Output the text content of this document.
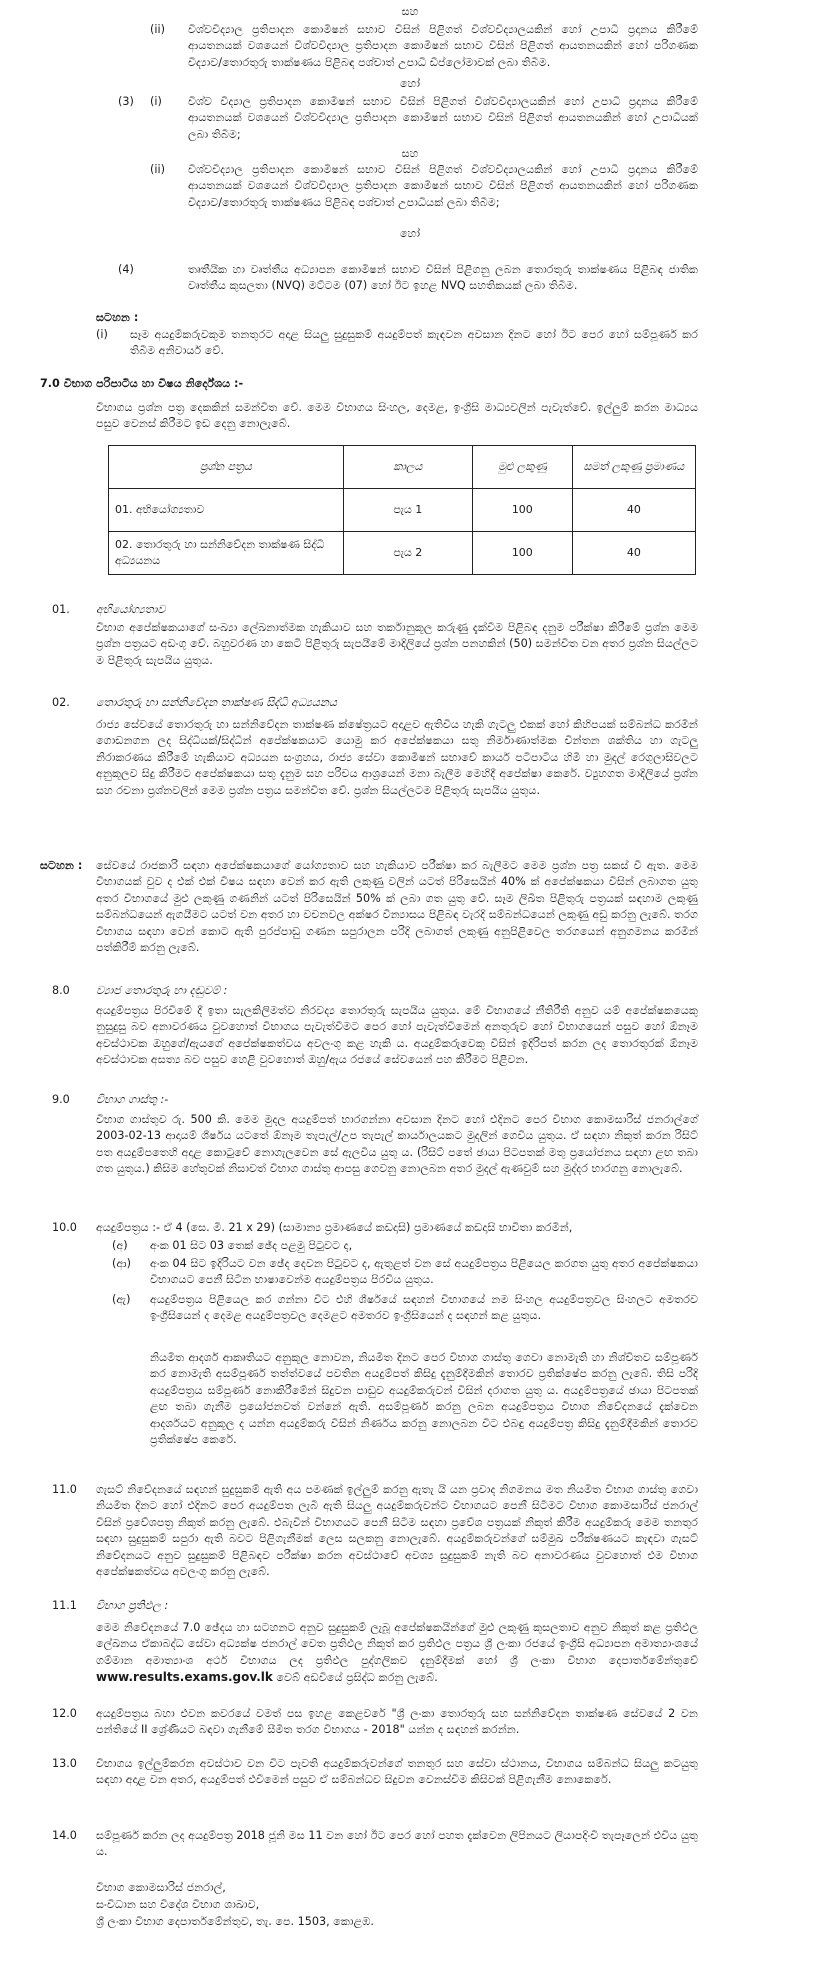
සහ
(ii) විශ්වවිද්‍යාල ප්‍රතිපාදන කොමිෂන් සභාව විසින් පිළිගත් විශ්වවිද්‍යාලයකින් හෝ උපාධි ප්‍රදානය කිරීමේ ආයතනයක් වශයෙන් විශ්වවිද්‍යාල ප්‍රතිපාදන කොමිෂන් සභාව විසින් පිළිගත් ආයතනයකින් හෝ පරිගණක විද්‍යාව/තොරතුරු තාක්ෂණය පිළිබඳ පශ්චාත් උපාධි ඩිප්ලෝමාවක් ලබා තිබීම.

හෝ
(3) (i) විශ්ව විද්‍යාල ප්‍රතිපාදන කොමිෂන් සභාව විසින් පිළිගත් විශ්වවිද්‍යාලයකින් හෝ උපාධි ප්‍රදානය කිරීමේ ආයතනයක් වශයෙන් විශ්වවිද්‍යාල ප්‍රතිපාදන කොමිෂන් සභාව විසින් පිළිගත් ආයතනයකින් හෝ උපාධියක් ලබා තිබීම;

සහ
(ii) විශ්වවිද්‍යාල ප්‍රතිපාදන කොමිෂන් සභාව විසින් පිළිගත් විශ්වවිද්‍යාලයකින් හෝ උපාධි ප්‍රදානය කිරීමේ ආයතනයක් වශයෙන් විශ්වවිද්‍යාල ප්‍රතිපාදන කොමිෂන් සභාව විසින් පිළිගත් ආයතනයකින් හෝ පරිගණක විද්‍යාව/තොරතුරු තාක්ෂණය පිළිබඳ පශ්චාත් උපාධියක් ලබා තිබීම;

හෝ
(4)	තෘතීයික හා වෘත්තීය අධ්‍යාපන කොමිෂන් සභාව විසින් පිළිගනු ලබන තොරතුරු තාක්ෂණය පිළිබඳ ජාතික වෘත්තීය කුසලතා (NVQ) මට්ටම (07) හෝ ඊට ඉහළ NVQ සහතිකයක් ලබා තිබීම.

සටහන :
(i) සෑම අයදුම්කරුවකුම තනතුරට අදාළ සියලු සුදුසුකම් අයදුම්පත් කැඳවන අවසාන දිනට හෝ ඊට පෙර හෝ සම්පූර්ණ කර තිබීම අනිවාර්ය වේ.

7.0 විභාග පරිපාටිය හා විෂය නිර්දේශය :-

විභාගය ප්‍රශ්න පත්‍ර දෙකකින් සමන්විත වේ. මෙම විභාගය සිංහල, දෙමළ, ඉංග්‍රීසි මාධ්‍යවලින් පැවැත්වේ. ඉල්ලුම් කරන මාධ්‍යය පසුව වෙනස් කිරීමට ඉඩ දෙනු නොලැබේ.

ප්‍රශ්න පත්‍රය	කාලය	මුළු ලකුණු	සමත් ලකුණු ප්‍රමාණය
01. අභියෝග්‍යතාව	පැය 1	100	40
02. තොරතුරු හා සන්නිවේදන තාක්ෂණ සිද්ධි අධ්‍යයනය	පැය 2	100	40
01. අභියෝග්‍යතාව

විභාග අපේක්ෂකයාගේ සංඛ්‍යා ලේඛනාත්මක හැකියාව සහ තර්කානුකූල කරුණු දැක්වීම පිළිබඳ දනුම පරීක්ෂා කිරීමේ ප්‍රශ්න මෙම ප්‍රශ්න පත්‍රයට අඩංගු වේ. බහුවරණ හා කෙටි පිළිතුරු සැපයීමේ මාදිලියේ ප්‍රශ්න පනහකින් (50) සමන්විත වන අතර ප්‍රශ්න සියල්ලට ම පිළිතුරු සැපයිය යුතුය.

02. තොරතුරු හා සන්නිවේදන තාක්ෂණ සිද්ධි අධ්‍යයනය

රාජ්‍ය සේවයේ තොරතුරු හා සන්නිවේදන තාක්ෂණ ක්ෂේත්‍රයට අදාළව ඇතිවිය හැකි ගැටලු එකක් හෝ කිහිපයක් සම්බන්ධ කරමින් ගොඩනගන ලද සිද්ධියක්/සිද්ධීන් අපේක්ෂකයාට යොමු කර අපේක්ෂකයා සතු නිර්මාණාත්මක චින්තන ශක්තිය හා ගැටලු නිරාකරණය කිරීමේ හැකියාව අධ්‍යයන සංග්‍රහය, රාජ්‍ය සේවා කොමිෂන් සභාවේ කාර්ය පටිපාටිය හිමි හා මුදල් රෙගුලාසිවලට අනුකූලව සිදු කිරීමට අපේක්ෂකයා සතු දැනුම සහ පරිචය ආශ්‍රයෙන් මනා බැලීම මෙහිදී අපේක්ෂා කෙරේ. ව්‍යුහගත මාදිලියේ ප්‍රශ්න සහ රචනා ප්‍රශ්නවලින් මෙම ප්‍රශ්න පත්‍රය සමන්විත වේ. ප්‍රශ්න සියල්ලටම පිළිතුරු සැපයිය යුතුය.

සටහන : සේවයේ රාජකාරි සඳහා අපේක්ෂකයාගේ යෝග්‍යතාව සහ හැකියාව පරීක්ෂා කර බැලීමට මෙම ප්‍රශ්න පත්‍ර සකස් වී ඇත. මෙම විභාගයක් වුව ද එක් එක් විෂය සඳහා වෙන් කර ඇති ලකුණු වලින් යටත් පිරිසෙයින් 40% ක් අපේක්ෂකයා විසින් ලබාගත යුතු අතර විභාගයේ මුළු ලකුණු ගණනින් යටත් පිරිසෙයින් 50% ක් ලබා ගත යුතු වේ. සෑම ලිඛිත පිළිතුරු පත්‍රයක් සඳහාම ලකුණු සම්බන්ධයෙන් ඇගයීමට යටත් වන අතර හා වචනවල අක්ෂර වින්‍යාසය පිළිබඳ වැරදි සම්බන්ධයෙන් ලකුණු අඩු කරනු ලැබේ. තරග විභාගය සඳහා වෙන් කොට ඇති පුරප්පාඩු ගණන සපුරාලන පරිදි ලබාගත් ලකුණු අනුපිළිවෙල තරගයෙන් අනුගමනය කරමින් පත්කිරීම් කරනු ලැබේ.

8.0 ව්‍යාජ තොරතුරු හා දඬුවම් :

අයදුම්පත්‍රය පිරවීමේ දී ඉතා සැලකිලිමත්ව නිරවද්‍ය තොරතුරු සැපයිය යුතුය. මේ විභාගයේ නීතිරීති අනුව යම් අපේක්ෂකයෙකු නුසුදුසු බව අනාවරණය වුවහොත් විභාගය පැවැත්වීමට පෙර හෝ පැවැත්වීමෙන් අනතුරුව හෝ විභාගයෙන් පසුව හෝ ඕනෑම අවස්ථාවක ඔහුගේ/ඇයගේ අපේක්ෂකත්වය අවලංගු කළ හැකි ය. අයදුම්කරුවෙකු විසින් ඉදිරිපත් කරන ලද තොරතුරක් ඕනෑම අවස්ථාවක අසත්‍ය බව පසුව හෙළි වුවහොත් ඔහු/ඇය රජයේ සේවයෙන් පහ කිරීමට පිළිවන.

9.0 විභාග ගාස්තු :-

විභාග ගාස්තුව රු. 500 කි. මෙම මුදල අයදුම්පත් භාරගන්නා අවසාන දිනට හෝ එදිනට පෙර විභාග කොමසාරිස් ජනරාල්ගේ 2003-02-13 ආදායම් ශීර්ෂය යටතේ ඕනෑම තැපැල්/උප තැපැල් කාර්යාලයකට මුදලින් ගෙවිය යුතුය. ඒ සඳහා නිකුත් කරන රිසිට් පත අයදුම්පතෙහි අදාළ කොටුවේ නොගැලවෙන සේ ඇලවිය යුතු ය. (රිසිට් පතේ ඡායා පිටපතක් මතු ප්‍රයෝජනය සඳහා ළඟ තබා ගත යුතුය.) කිසිම හේතුවක් නිසාවත් විභාග ගාස්තු ආපසු ගෙවනු නොලබන අතර මුදල් ඇණවුම් සහ මුද්දර භාරගනු නොලැබේ.

10.0 අයදුම්පත්‍රය :- ඒ 4 (සෙ. මී. 21 x 29) (සාමාන්‍ය ප්‍රමාණයේ කඩදාසි) ප්‍රමාණයේ කඩදාසි භාවිතා කරමින්,

(අ) අංක 01 සිට 03 තෙක් ඡේද පළමු පිටුවට ද,

(ආ) අංක 04 සිට ඉදිරියට වන ඡේද දෙවන පිටුවට ද, ඇතුළත් වන සේ අයදුම්පත්‍රය පිළියෙල කරගත යුතු අතර අපේක්ෂකයා විභාගයට පෙනී සිටින භාෂාවෙන්ම අයදුම්පත්‍රය පිරවිය යුතුය.

(ඇ) අයදුම්පත්‍රය පිළියෙල කර ගන්නා විට එහි ශීර්ෂයේ සඳහන් විභාගයේ නම සිංහල අයදුම්පත්‍රවල සිංහලට අමතරව ඉංග්‍රීසියෙන් ද දෙමළ අයදුම්පත්‍රවල දෙමළට අමතරව ඉංග්‍රීසියෙන් ද සඳහන් කළ යුතුය.

නියමිත ආදර්ශ ආකෘතියට අනුකූල නොවන, නියමිත දිනට පෙර විභාග ගාස්තු ගෙවා නොමැති හා නිශ්චිතව සම්පූර්ණ කර නොමැති අසම්පූර්ණ තත්ත්වයේ පවතින අයදුම්පත් කිසිදු දැනුම්දීමකින් තොරව ප්‍රතික්ෂේප කරනු ලැබේ. තිසි පරිදි අයදුම්පත්‍රය සම්පූර්ණ නොකිරීමේන් සිදුවන පාඩුව අයදුම්කරුවන් විසින් දරාගත යුතු ය. අයදුම්පත්‍රයේ ඡායා පිටපතක් ළඟ තබා ගැනීම ප්‍රයෝජනවත් වන්නේ ඇති. අසම්පූර්ණ කරනු ලබන අයදුම්පත්‍රය විභාග නිවේදනයේ දැක්වෙන ආදර්ශයට අනුකූල ද යන්න අයදුම්කරු විසින් නිර්ණය කරනු නොලබන විට එබඳු අයදුම්පත්‍ර කිසිදු දැනුම්දීමකින් තොරව ප්‍රතික්ෂේප කෙරේ.

11.0 ගැසට් නිවේදනයේ සඳහන් සුදුසුකම් ඇති අය පමණක් ඉල්ලුම් කරනු ඇතැ යි යන ප්‍රවාද නිගමනය මත නියමිත විභාග ගාස්තු ගෙවා නියමිත දිනට හෝ එදිනට පෙර අයදුම්පත ලැබී ඇති සියලු අයදුම්කරුවන්ට විභාගයට පෙනී සිටීමට විභාග කොමසාරිස් ජනරාල් විසින් ප්‍රවේශපත්‍ර නිකුත් කරනු ලැබේ. එබැවින් විභාගයට පෙනී සිටීම සඳහා ප්‍රවේශ පත්‍රයක් නිකුත් කිරීම අයදුම්කරු මෙම තනතුර සඳහා සුදුසුකම් සපුරා ඇති බවට පිළිගැනීමක් ලෙස සලකනු නොලැබේ. අයදුම්කරුවන්ගේ සම්මුඛ පරීක්ෂණයට කැඳවා ගැසට් නිවේදනයට අනුව සුදුසුකම් පිළිබඳව පරීක්ෂා කරන අවස්ථාවේ අවශ්‍ය සුදුසුකම් නැති බව අනාවරණය වුවහොත් එම විභාග අපේක්ෂකත්වය අවලංගු කරනු ලැබේ.

11.1 විභාග ප්‍රතිඵල :

මෙම නිවේදනයේ 7.0 ඡේදය හා සටහනට අනුව සුදුසුකම් ලැබූ අපේක්ෂකයින්ගේ මුළු ලකුණු කුසලතාව අනුව නිකුත් කළ ප්‍රතිඵල ලේඛනය ඒකාබද්ධ සේවා අධ්‍යක්ෂ ජනරාල් වෙත ප්‍රතිඵල නිකුත් කර ප්‍රතිඵල පත්‍රය ශ්‍රී ලංකා රජයේ ඉංග්‍රීසි අධ්‍යාපන අමාත්‍යාංශයේ ගම්මාන අමාත්‍යාංශ අර්ථ විභාගය ලද ප්‍රතිඵල පුද්ගලිකව දැනුම්දීමක් හෝ ශ්‍රී ලංකා විභාග දෙපාර්තමේන්තුවේ www.results.exams.gov.lk වෙබ් අඩවියේ ප්‍රසිද්ධ කරනු ලැබේ.

12.0 අයදුම්පත්‍රය බහා එවන කවරයේ වමත් පස ඉහළ කෙළවරේ "ශ්‍රී ලංකා තොරතුරු සහ සන්නිවේදන තාක්ෂණ සේවයේ 2 වන පන්තියේ II ශ්‍රේණියට බඳවා ගැනීමේ සීමිත තරග විභාගය - 2018" යන්න ද සඳහන් කරන්න.

13.0 විභාගය ඉල්ලුම්කරන අවස්ථාව වන විට පැවති අයදුම්කරුවන්ගේ තනතුර සහ සේවා ස්ථානය, විභාගය සම්බන්ධ සියලු කටයුතු සඳහා අදාළ වන අතර, අයදුම්පත් එවීමෙන් පසුව ඒ සම්බන්ධව සිදුවන වෙනස්වීම කිසිවක් පිළිගැනීම නොකෙරේ.

14.0 සම්පූර්ණ කරන ලද අයදුම්පත්‍ර 2018 ජූනි මස 11 වන හෝ ඊට පෙර හෝ පහත දැක්වෙන ලිපිනයට ලියාපදිංචි තැපෑලෙන් එවිය යුතු ය.

විභාග කොමසාරිස් ජනරාල්,
සංවිධාන සහ විදේශ විභාග ශාඛාව,
ශ්‍රී ලංකා විභාග දෙපාර්තමේන්තුව, තැ. පෙ. 1503, කොළඹ.
